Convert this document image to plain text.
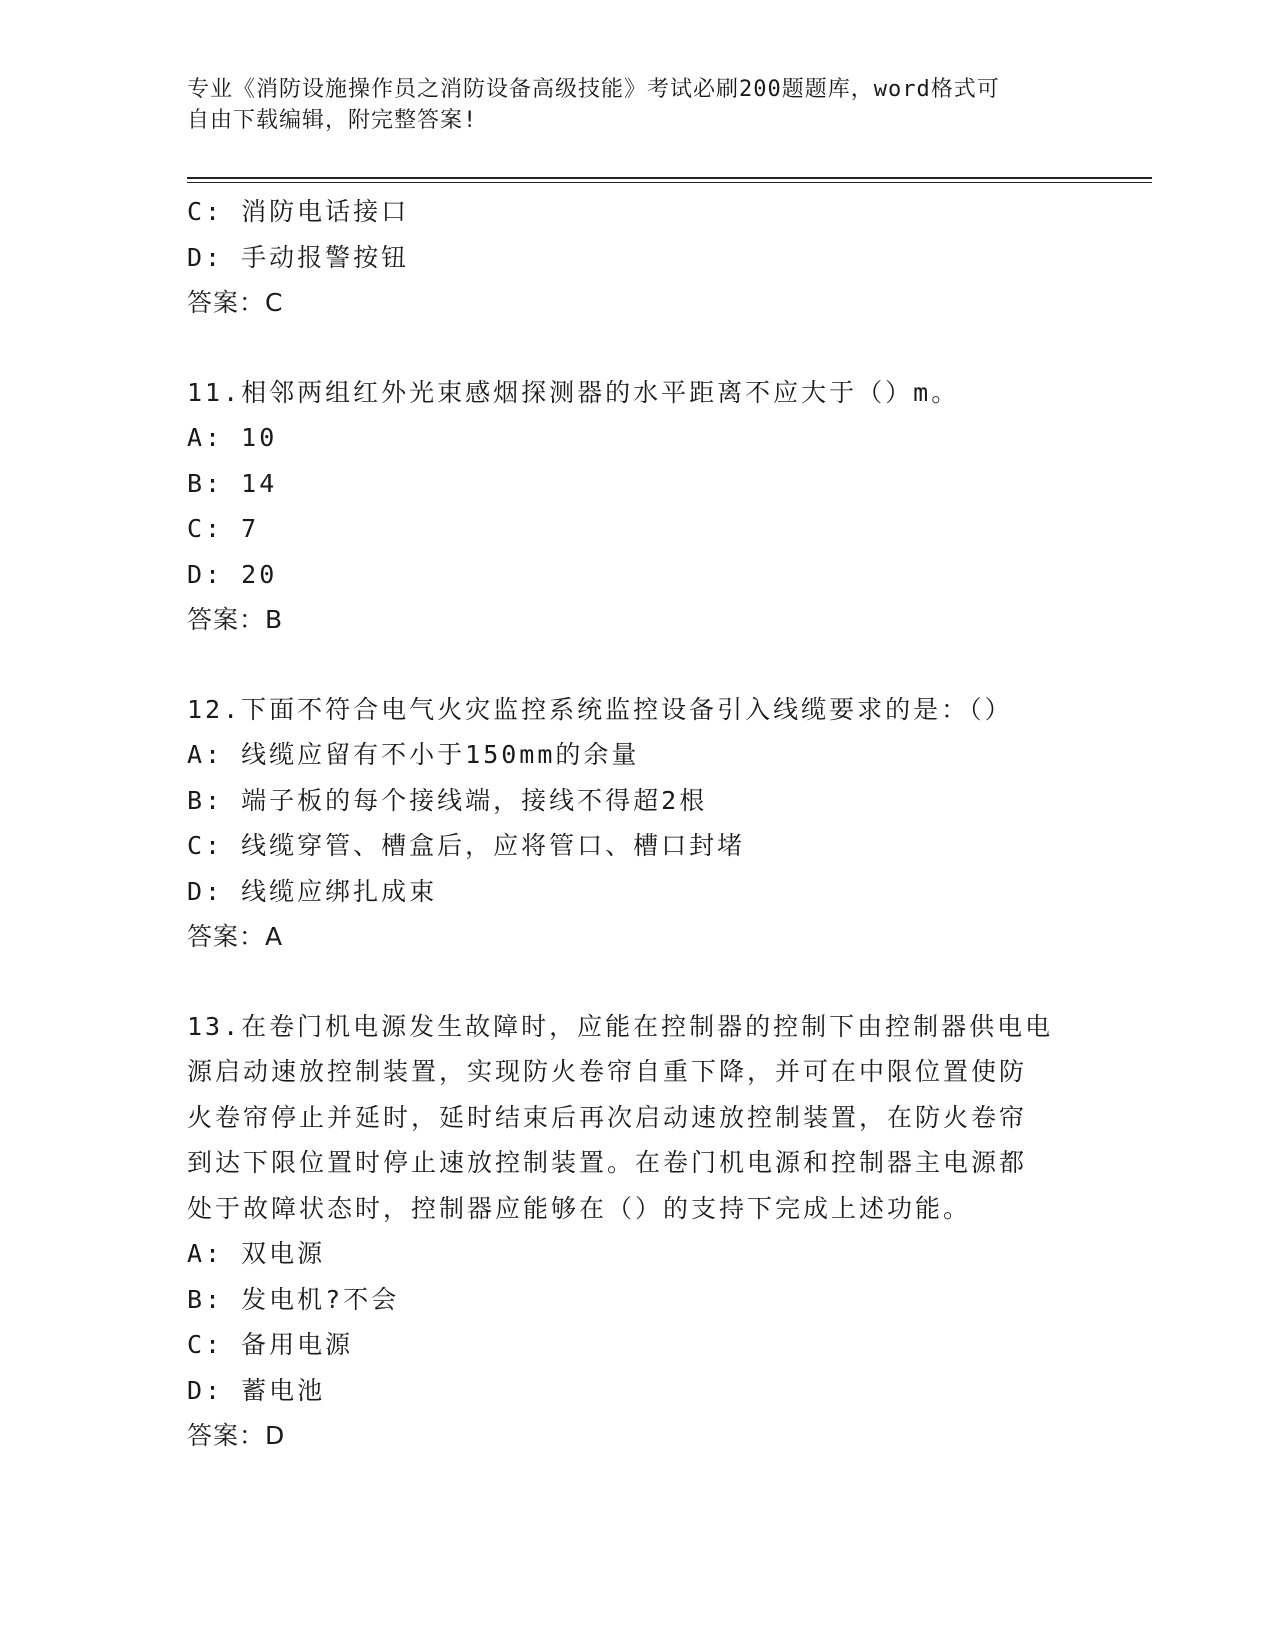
专业《消防设施操作员之消防设备高级技能》考试必刷200题题库，word格式可
自由下载编辑，附完整答案!
C: 消防电话接口
D: 手动报警按钮
答案：C
11.相邻两组红外光束感烟探测器的水平距离不应大于（）m。
A: 10
B: 14
C: 7
D: 20
答案：B
12.下面不符合电气火灾监控系统监控设备引入线缆要求的是：（）
A: 线缆应留有不小于150mm的余量
B: 端子板的每个接线端，接线不得超2根
C: 线缆穿管、槽盒后，应将管口、槽口封堵
D: 线缆应绑扎成束
答案：A
13.在卷门机电源发生故障时，应能在控制器的控制下由控制器供电电
源启动速放控制装置，实现防火卷帘自重下降，并可在中限位置使防
火卷帘停止并延时，延时结束后再次启动速放控制装置，在防火卷帘
到达下限位置时停止速放控制装置。在卷门机电源和控制器主电源都
处于故障状态时，控制器应能够在（）的支持下完成上述功能。
A: 双电源
B: 发电机?不会
C: 备用电源
D: 蓄电池
答案：D
